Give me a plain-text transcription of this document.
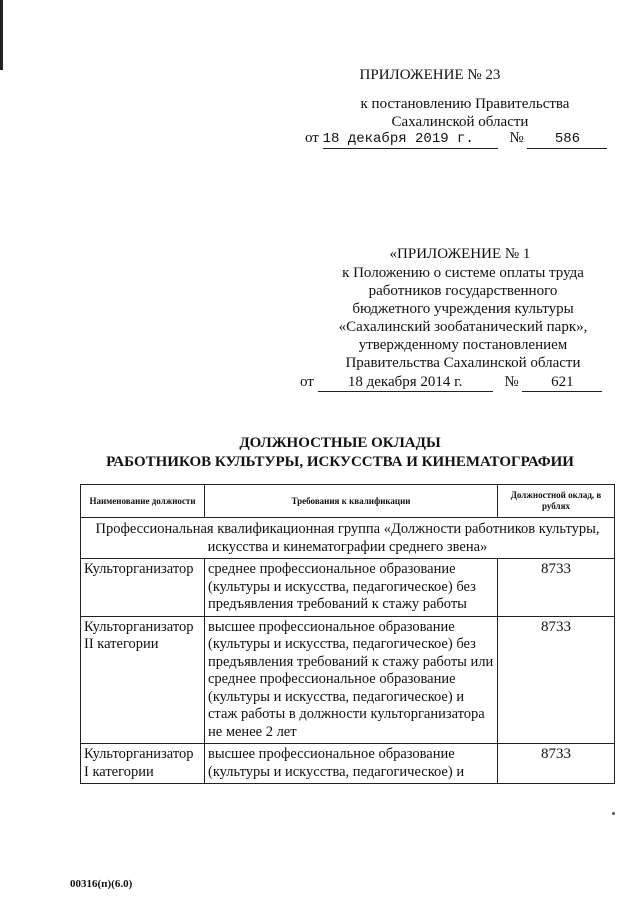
ПРИЛОЖЕНИЕ № 23
к постановлению Правительства
Сахалинской области
от 18 декабря 2019 г. № 586
«ПРИЛОЖЕНИЕ № 1
к Положению о системе оплаты труда
работников государственного
бюджетного учреждения культуры
«Сахалинский зообатанический парк»,
утвержденному постановлением
Правительства Сахалинской области
от 18 декабря 2014 г.	№ 621
ДОЛЖНОСТНЫЕ ОКЛАДЫ
РАБОТНИКОВ КУЛЬТУРЫ, ИСКУССТВА И КИНЕМАТОГРАФИИ
Наименование должности	Требования к квалификации	Должностной оклад, в рублях
Профессиональная квалификационная группа «Должности работников культуры, искусства и кинематографии среднего звена»		
Культорганизатор	среднее профессиональное образование (культуры и искусства, педагогическое) без предъявления требований к стажу работы	8733
Культорганизатор II категории	высшее профессиональное образование (культуры и искусства, педагогическое) без предъявления требований к стажу работы или среднее профессиональное образование (культуры и искусства, педагогическое) и стаж работы в должности культорганизатора не менее 2 лет	8733
Культорганизатор I категории	высшее профессиональное образование (культуры и искусства, педагогическое) и	8733
00316(п)(6.0)
